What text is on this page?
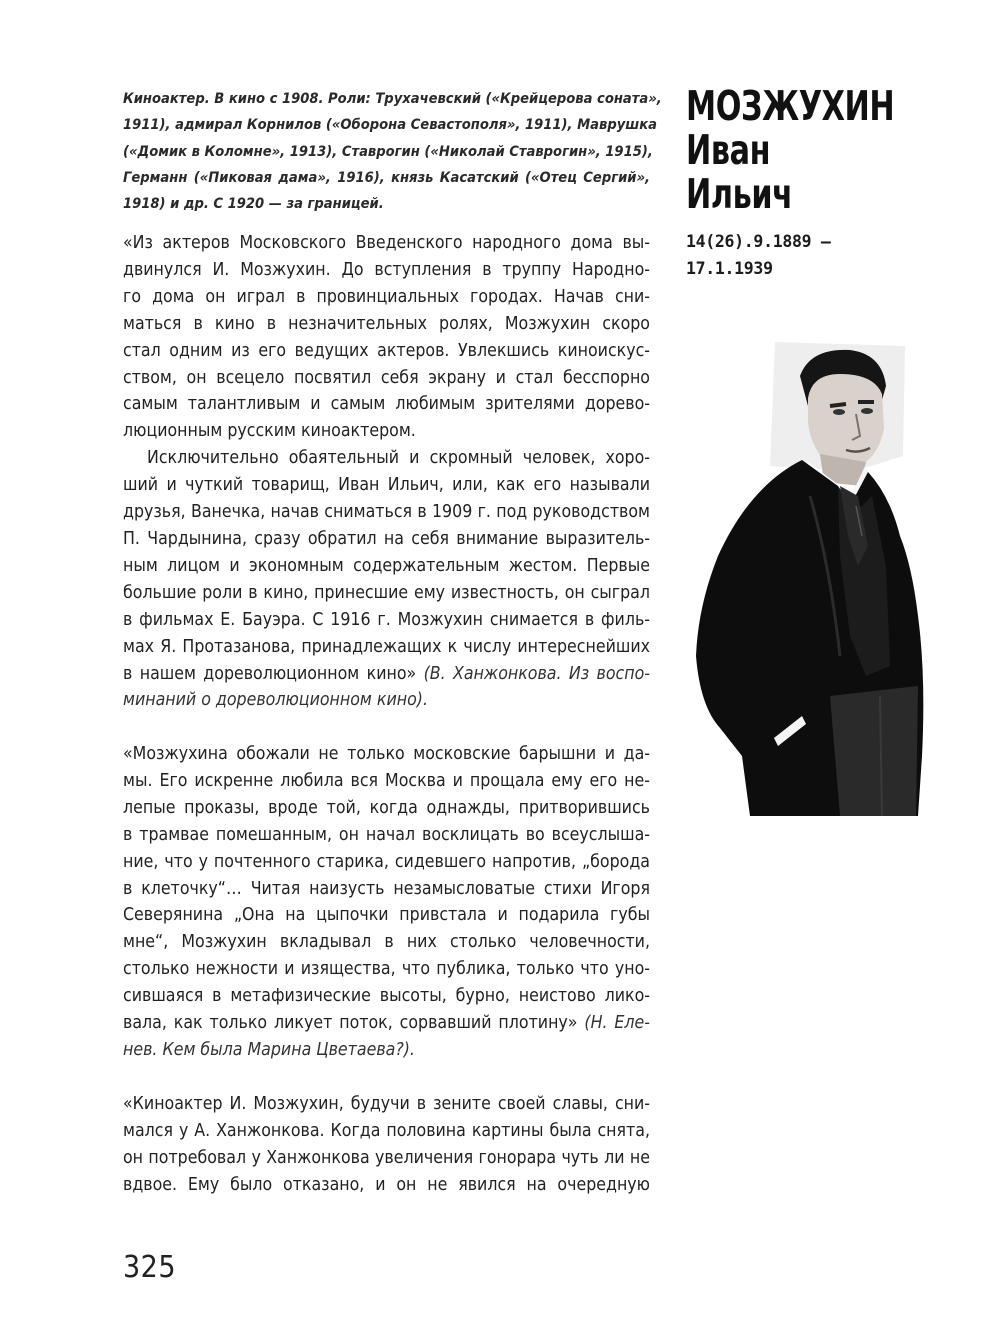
Киноактер. В кино с 1908. Роли: Трухачевский («Крейцерова соната»,
1911), адмирал Корнилов («Оборона Севастополя», 1911), Маврушка
(«Домик в Коломне», 1913), Ставрогин («Николай Ставрогин», 1915),
Германн («Пиковая дама», 1916), князь Касатский («Отец Сергий»,
1918) и др. С 1920 — за границей.
«Из актеров Московского Введенского народного дома вы-
двинулся И. Мозжухин. До вступления в труппу Народно-
го дома он играл в провинциальных городах. Начав сни-
маться в кино в незначительных ролях, Мозжухин скоро
стал одним из его ведущих актеров. Увлекшись киноискус-
ством, он всецело посвятил себя экрану и стал бесспорно
самым талантливым и самым любимым зрителями дорево-
люционным русским киноактером.
Исключительно обаятельный и скромный человек, хоро-
ший и чуткий товарищ, Иван Ильич, или, как его называли
друзья, Ванечка, начав сниматься в 1909 г. под руководством
П. Чардынина, сразу обратил на себя внимание выразитель-
ным лицом и экономным содержательным жестом. Первые
большие роли в кино, принесшие ему известность, он сыграл
в фильмах Е. Бауэра. С 1916 г. Мозжухин снимается в филь-
мах Я. Протазанова, принадлежащих к числу интереснейших
в нашем дореволюционном кино» (В. Ханжонкова. Из воспо-
минаний о дореволюционном кино).
«Мозжухина обожали не только московские барышни и да-
мы. Его искренне любила вся Москва и прощала ему его не-
лепые проказы, вроде той, когда однажды, притворившись
в трамвае помешанным, он начал восклицать во всеуслыша-
ние, что у почтенного старика, сидевшего напротив, „борода
в клеточку“… Читая наизусть незамысловатые стихи Игоря
Северянина „Она на цыпочки привстала и подарила губы
мне“, Мозжухин вкладывал в них столько человечности,
столько нежности и изящества, что публика, только что уно-
сившаяся в метафизические высоты, бурно, неистово лико-
вала, как только ликует поток, сорвавший плотину» (Н. Еле-
нев. Кем была Марина Цветаева?).
«Киноактер И. Мозжухин, будучи в зените своей славы, сни-
мался у А. Ханжонкова. Когда половина картины была снята,
он потребовал у Ханжонкова увеличения гонорара чуть ли не
вдвое. Ему было отказано, и он не явился на очередную
МОЗЖУХИН
Иван
Ильич
14(26).9.1889 —
17.1.1939
325
